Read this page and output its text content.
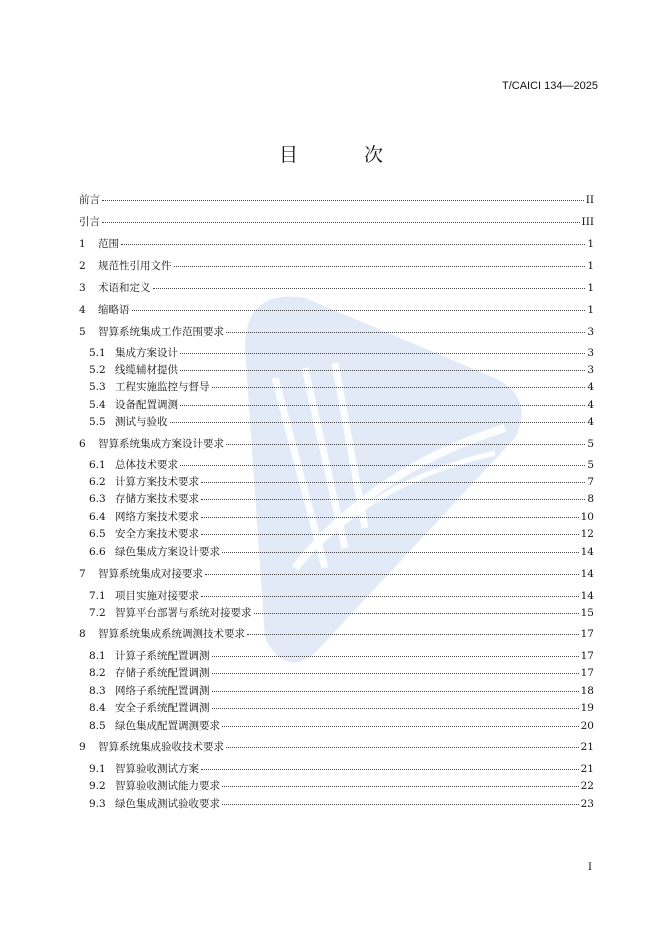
T/CAICI 134—2025
目 次
前言	II
引言	III
1	范围	1
2	规范性引用文件	1
3	术语和定义	1
4	缩略语	1
5	智算系统集成工作范围要求	3
5.1 集成方案设计	3
5.2 线缆辅材提供	3
5.3 工程实施监控与督导	4
5.4 设备配置调测	4
5.5 测试与验收	4
6	智算系统集成方案设计要求	5
6.1 总体技术要求	5
6.2 计算方案技术要求	7
6.3 存储方案技术要求	8
6.4 网络方案技术要求	10
6.5 安全方案技术要求	12
6.6 绿色集成方案设计要求	14
7	智算系统集成对接要求	14
7.1 项目实施对接要求	14
7.2 智算平台部署与系统对接要求	15
8	智算系统集成系统调测技术要求	17
8.1 计算子系统配置调测	17
8.2 存储子系统配置调测	17
8.3 网络子系统配置调测	18
8.4 安全子系统配置调测	19
8.5 绿色集成配置调测要求	20
9	智算系统集成验收技术要求	21
9.1 智算验收测试方案	21
9.2 智算验收测试能力要求	22
9.3 绿色集成测试验收要求	23
I
